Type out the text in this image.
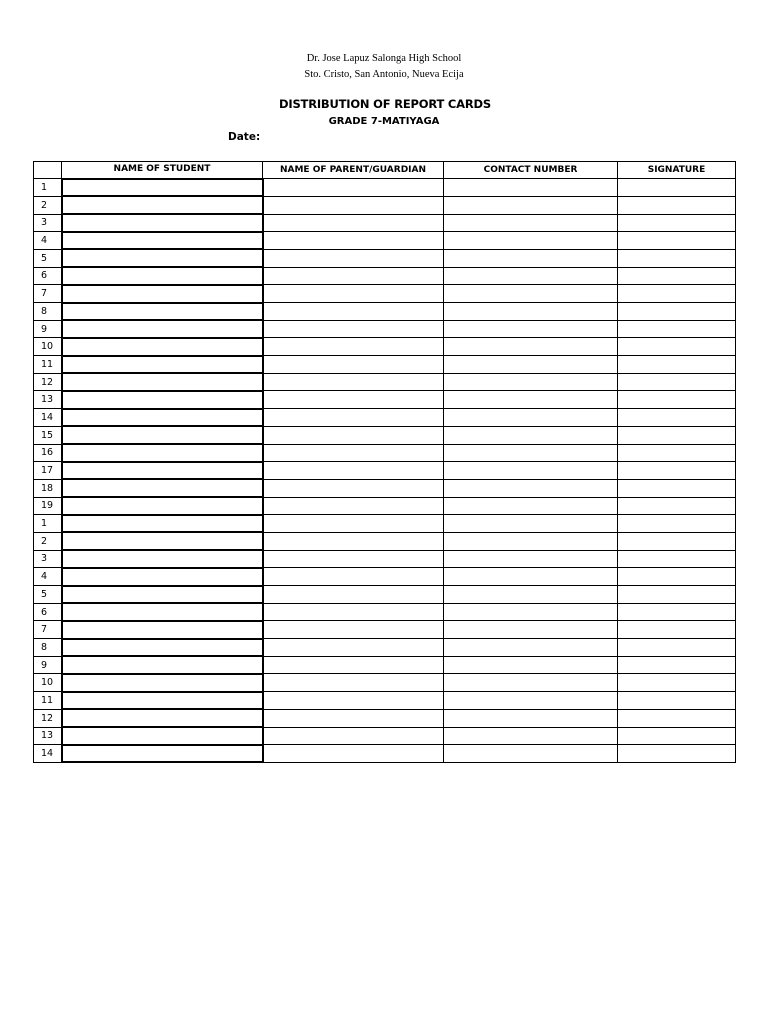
Dr. Jose Lapuz Salonga High School
Sto. Cristo, San Antonio, Nueva Ecija
DISTRIBUTION OF REPORT CARDS
GRADE 7-MATIYAGA
Date:
	NAME OF STUDENT	NAME OF PARENT/GUARDIAN	CONTACT NUMBER	SIGNATURE
1				
2				
3				
4				
5				
6				
7				
8				
9				
10				
11				
12				
13				
14				
15				
16				
17				
18				
19				
1				
2				
3				
4				
5				
6				
7				
8				
9				
10				
11				
12				
13				
14				
